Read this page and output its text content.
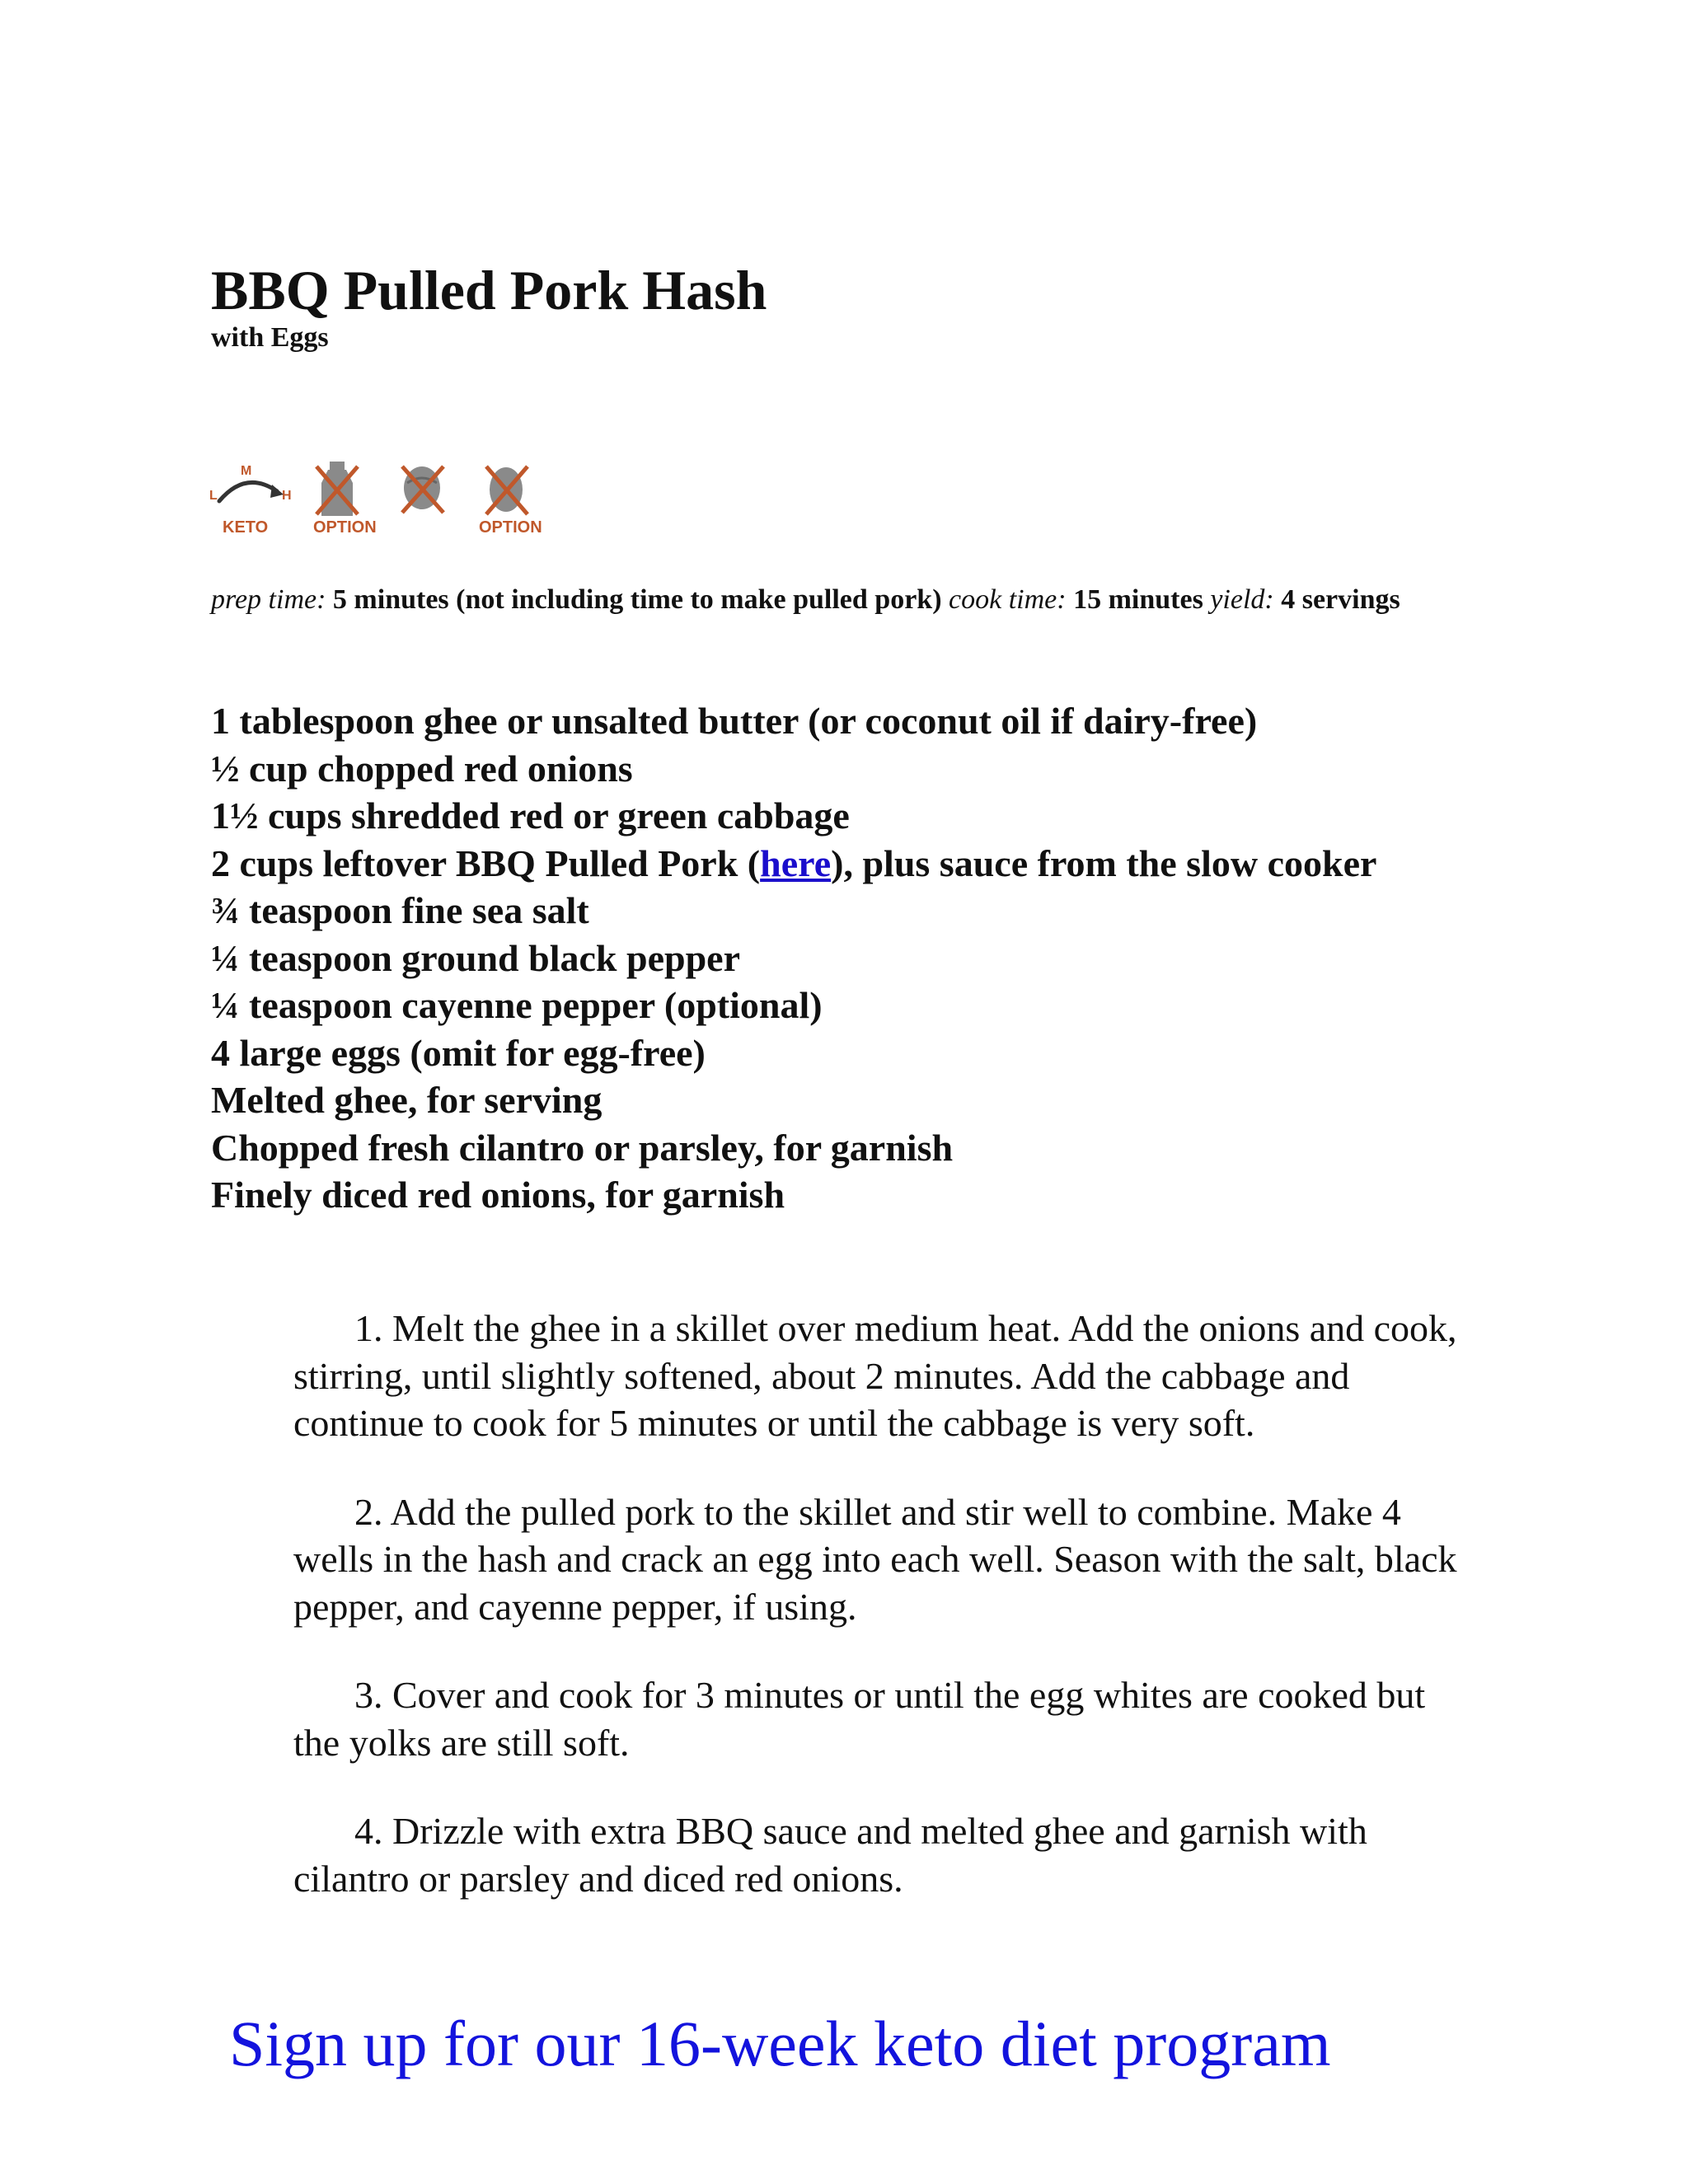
BBQ Pulled Pork Hash
with Eggs
L
M
H
KETO	OPTION	OPTION

prep time: 5 minutes (not including time to make pulled pork) cook time: 15 minutes yield: 4 servings

1 tablespoon ghee or unsalted butter (or coconut oil if dairy-free)
½ cup chopped red onions
1½ cups shredded red or green cabbage
2 cups leftover BBQ Pulled Pork (here), plus sauce from the slow cooker
¾ teaspoon fine sea salt
¼ teaspoon ground black pepper
¼ teaspoon cayenne pepper (optional)
4 large eggs (omit for egg-free)
Melted ghee, for serving
Chopped fresh cilantro or parsley, for garnish
Finely diced red onions, for garnish
1. Melt the ghee in a skillet over medium heat. Add the onions and cook, stirring, until slightly softened, about 2 minutes. Add the cabbage and continue to cook for 5 minutes or until the cabbage is very soft.
2. Add the pulled pork to the skillet and stir well to combine. Make 4 wells in the hash and crack an egg into each well. Season with the salt, black pepper, and cayenne pepper, if using.
3. Cover and cook for 3 minutes or until the egg whites are cooked but the yolks are still soft.
4. Drizzle with extra BBQ sauce and melted ghee and garnish with cilantro or parsley and diced red onions.
Sign up for our 16-week keto diet program
